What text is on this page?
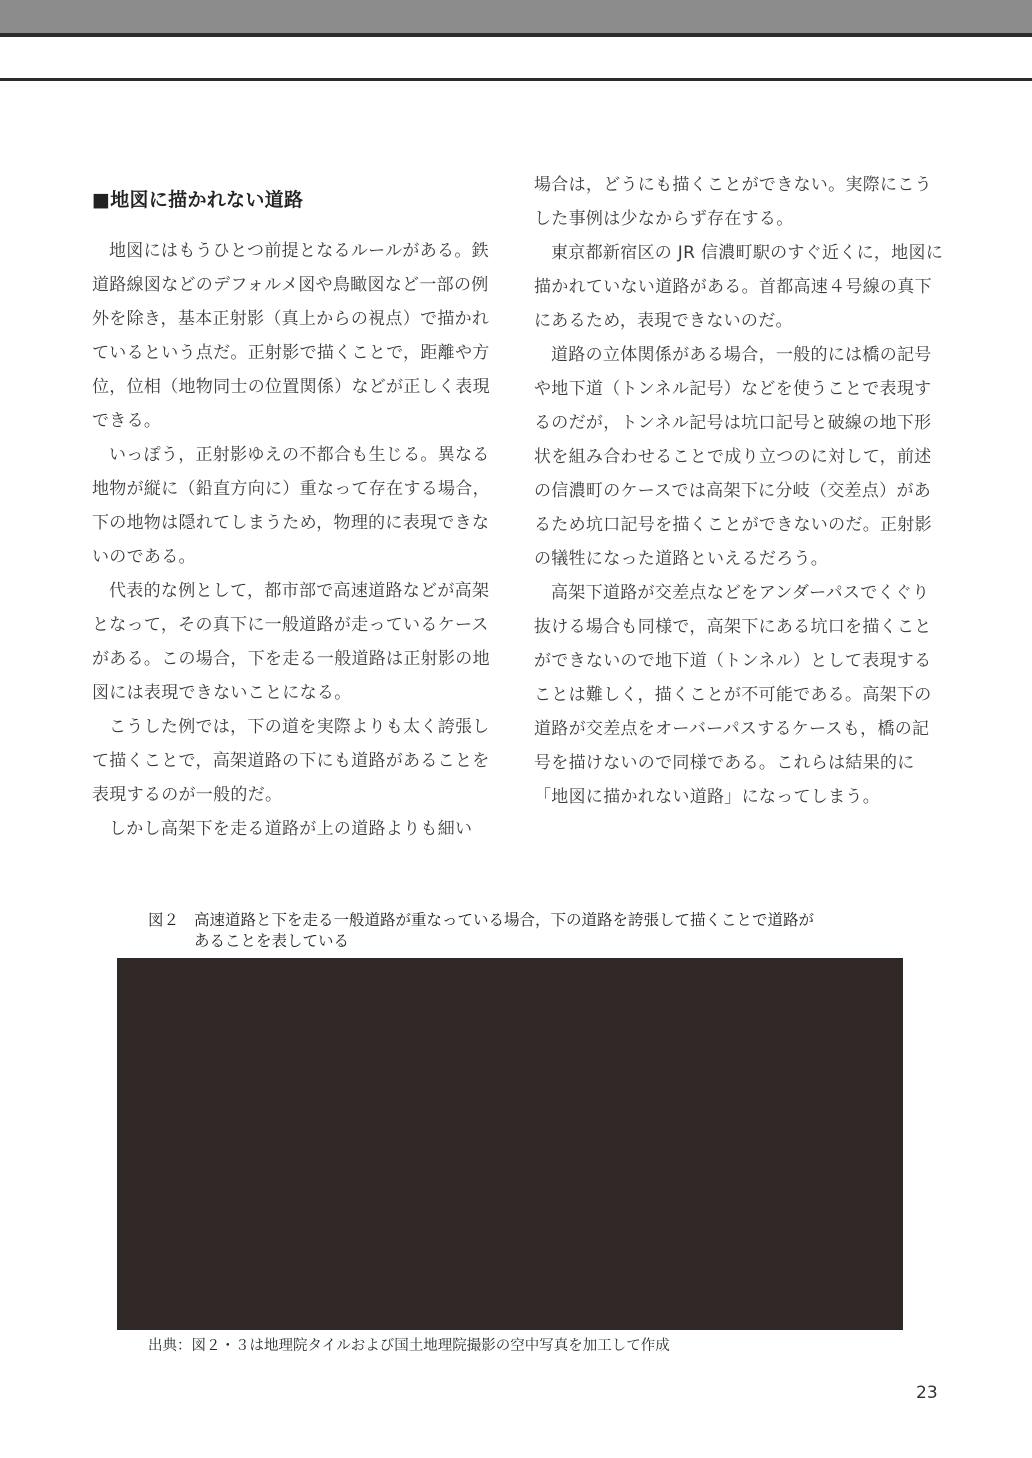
■地図に描かれない道路

地図にはもうひとつ前提となるルールがある。鉄道路線図などのデフォルメ図や鳥瞰図など一部の例外を除き，基本正射影（真上からの視点）で描かれているという点だ。正射影で描くことで，距離や方位，位相（地物同士の位置関係）などが正しく表現できる。

いっぽう，正射影ゆえの不都合も生じる。異なる地物が縦に（鉛直方向に）重なって存在する場合，下の地物は隠れてしまうため，物理的に表現できないのである。

代表的な例として，都市部で高速道路などが高架となって，その真下に一般道路が走っているケースがある。この場合，下を走る一般道路は正射影の地図には表現できないことになる。

こうした例では，下の道を実際よりも太く誇張して描くことで，高架道路の下にも道路があることを表現するのが一般的だ。

しかし高架下を走る道路が上の道路よりも細い

場合は，どうにも描くことができない。実際にこうした事例は少なからず存在する。

東京都新宿区の JR 信濃町駅のすぐ近くに，地図に描かれていない道路がある。首都高速４号線の真下にあるため，表現できないのだ。

道路の立体関係がある場合，一般的には橋の記号や地下道（トンネル記号）などを使うことで表現するのだが，トンネル記号は坑口記号と破線の地下形状を組み合わせることで成り立つのに対して，前述の信濃町のケースでは高架下に分岐（交差点）があるため坑口記号を描くことができないのだ。正射影の犠牲になった道路といえるだろう。

高架下道路が交差点などをアンダーパスでくぐり抜ける場合も同様で，高架下にある坑口を描くことができないので地下道（トンネル）として表現することは難しく，描くことが不可能である。高架下の道路が交差点をオーバーパスするケースも，橋の記号を描けないので同様である。これらは結果的に「地図に描かれない道路」になってしまう。

図２ 高速道路と下を走る一般道路が重なっている場合，下の道路を誇張して描くことで道路が
あることを表している
出典：図２・３は地理院タイルおよび国土地理院撮影の空中写真を加工して作成
23
